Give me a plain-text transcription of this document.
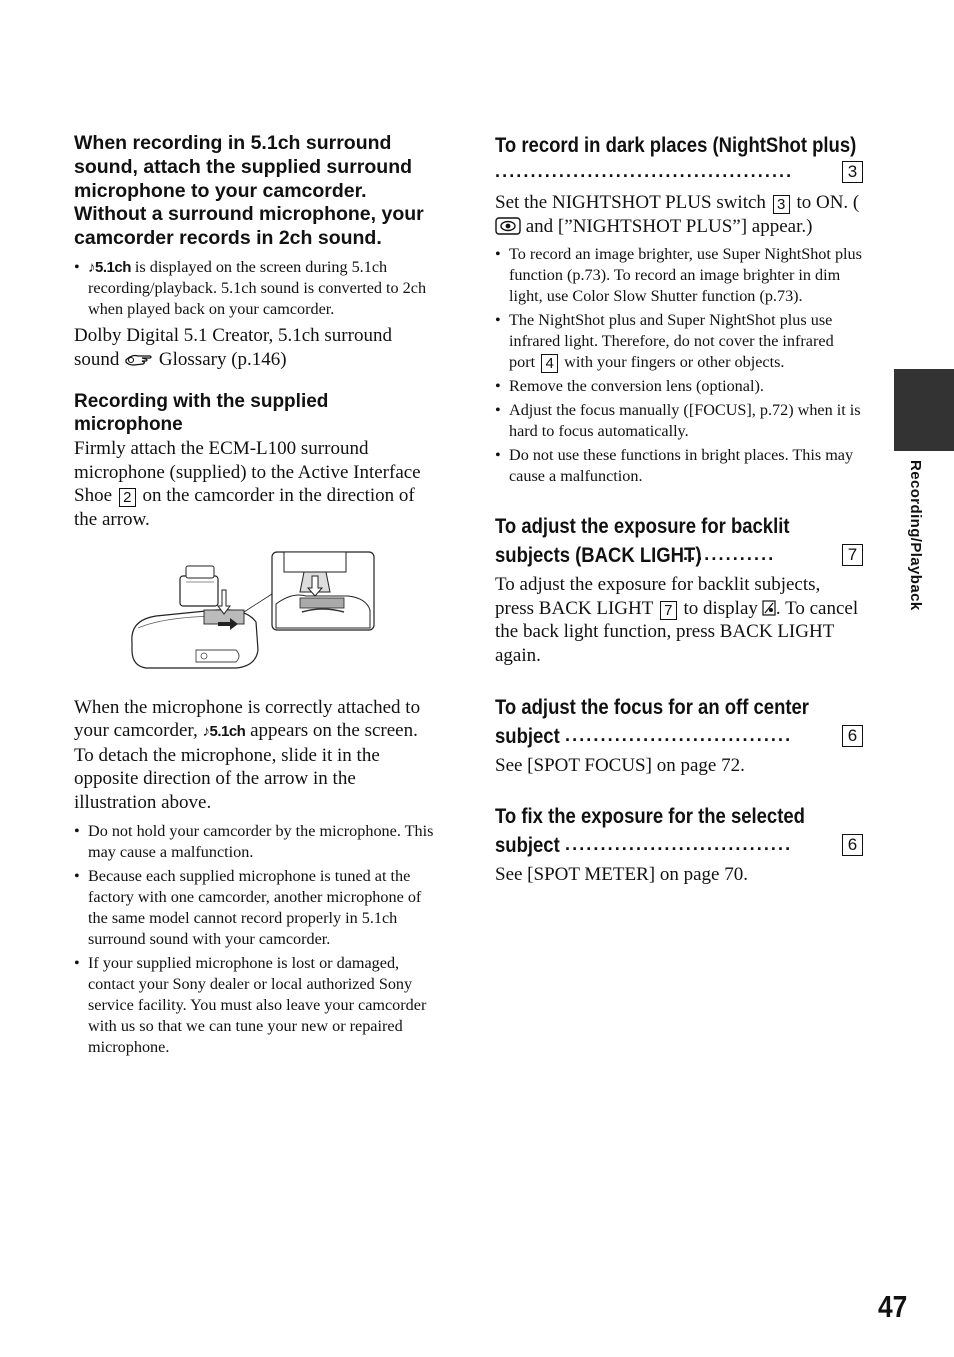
When recording in 5.1ch surround sound, attach the supplied surround microphone to your camcorder. Without a surround microphone, your camcorder records in 2ch sound.

• ♪5.1ch is displayed on the screen during 5.1ch recording/playback. 5.1ch sound is converted to 2ch when played back on your camcorder.

Dolby Digital 5.1 Creator, 5.1ch surround sound Glossary (p.146)

Recording with the supplied microphone

Firmly attach the ECM-L100 surround microphone (supplied) to the Active Interface Shoe 2 on the camcorder in the direction of the arrow.

When the microphone is correctly attached to your camcorder, ♪5.1ch appears on the screen.

To detach the microphone, slide it in the opposite direction of the arrow in the illustration above.

• Do not hold your camcorder by the microphone. This may cause a malfunction.
• Because each supplied microphone is tuned at the factory with one camcorder, another microphone of the same model cannot record properly in 5.1ch surround sound with your camcorder.
• If your supplied microphone is lost or damaged, contact your Sony dealer or local authorized Sony service facility. You must also leave your camcorder with us so that we can tune your new or repaired microphone.

To record in dark places (NightShot plus)

..........................................	3

Set the NIGHTSHOT PLUS switch 3 to ON. (  and [”NIGHTSHOT PLUS”] appear.)

• To record an image brighter, use Super NightShot plus function (p.73). To record an image brighter in dim light, use Color Slow Shutter function (p.73).
• The NightShot plus and Super NightShot plus use infrared light. Therefore, do not cover the infrared port 4 with your fingers or other objects.
• Remove the conversion lens (optional).
• Adjust the focus manually ([FOCUS], p.72) when it is hard to focus automatically.
• Do not use these functions in bright places. This may cause a malfunction.

To adjust the exposure for backlit

subjects (BACK LIGHT)
.............	7

To adjust the exposure for backlit subjects, press BACK LIGHT 7 to display . To cancel the back light function, press BACK LIGHT again.

To adjust the focus for an off center

subject ................................	6

See [SPOT FOCUS] on page 72.

To fix the exposure for the selected

subject ................................	6

See [SPOT METER] on page 70.

Recording/Playback
47
